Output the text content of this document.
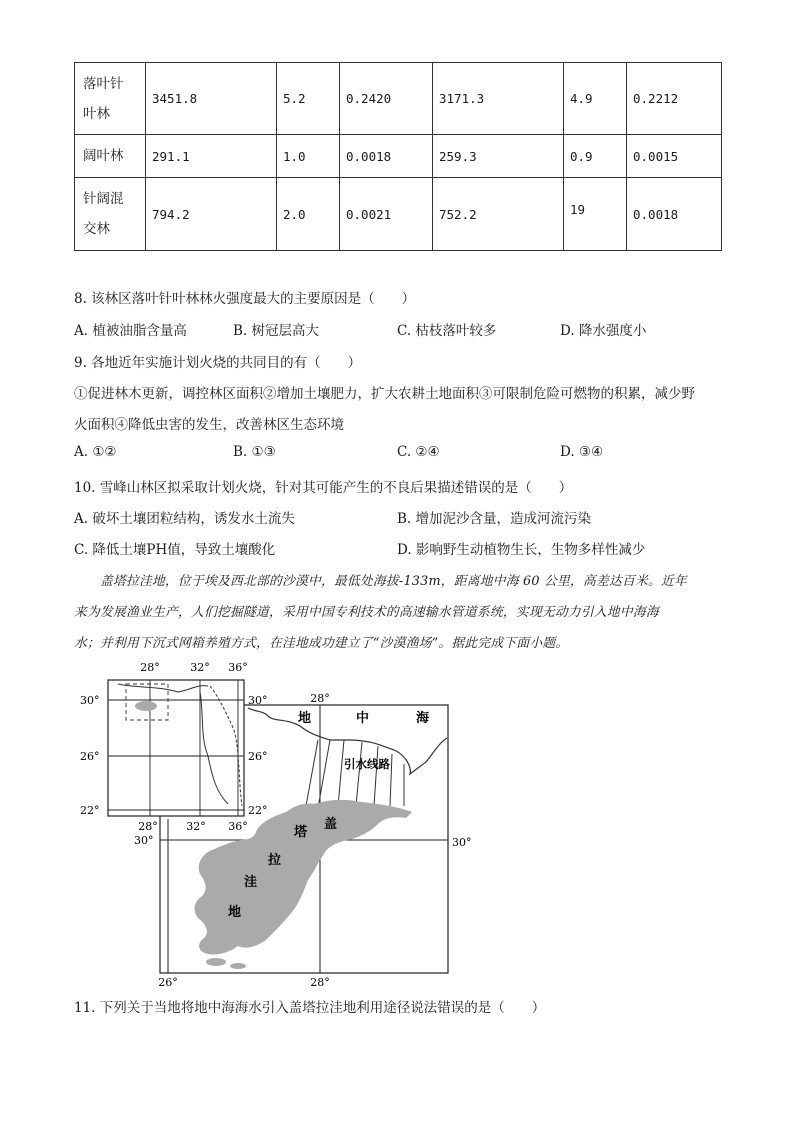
落叶针
叶林	3451.8	5.2	0.2420	3171.3	4.9	0.2212
阔叶林	291.1	1.0	0.0018	259.3	0.9	0.0015
针阔混
交林	794.2	2.0	0.0021	752.2	19	0.0018
8. 该林区落叶针叶林林火强度最大的主要原因是（　　）
A. 植被油脂含量高	B. 树冠层高大	C. 枯枝落叶较多	D. 降水强度小
9. 各地近年实施计划火烧的共同目的有（　　）
①促进林木更新，调控林区面积②增加土壤肥力，扩大农耕土地面积③可限制危险可燃物的积累，减少野
火面积④降低虫害的发生，改善林区生态环境
A. ①②	B. ①③	C. ②④	D. ③④
10. 雪峰山林区拟采取计划火烧，针对其可能产生的不良后果描述错误的是（　　）
A. 破坏土壤团粒结构，诱发水土流失	B. 增加泥沙含量，造成河流污染
C. 降低土壤PH值，导致土壤酸化	D. 影响野生动植物生长，生物多样性减少

盖塔拉洼地，位于埃及西北部的沙漠中，最低处海拔-133m，距离地中海 60 公里，高差达百米。近年

来为发展渔业生产，人们挖掘隧道，采用中国专利技术的高速输水管道系统，实现无动力引入地中海海

水；并利用下沉式网箱养殖方式，在洼地成功建立了“沙漠渔场”。据此完成下面小题。

28°	32° 36°
28°	32° 36°
30°
26°
22°
30°
26°
22°
28°
30°	30°
26°	28°
地	中	海
引水线路
盖
塔
拉
洼
地
11. 下列关于当地将地中海海水引入盖塔拉洼地利用途径说法错误的是（　　）
